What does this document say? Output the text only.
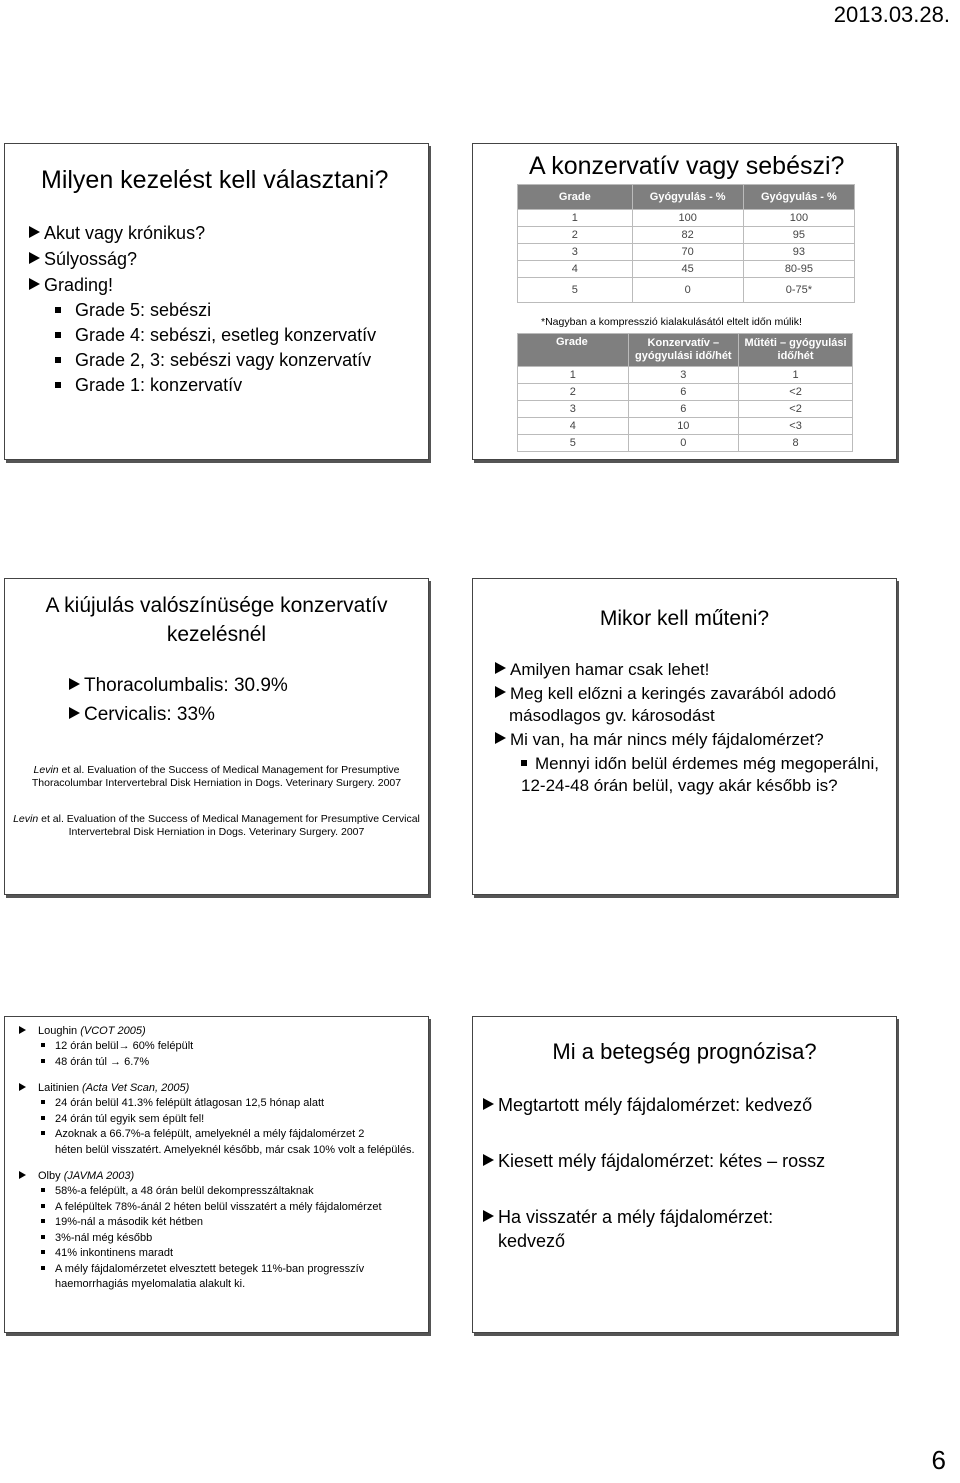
2013.03.28.
Milyen kezelést kell választani?
Akut vagy krónikus?
Súlyosság?
Grading!
Grade 5: sebészi
Grade 4: sebészi, esetleg konzervatív
Grade 2, 3: sebészi vagy konzervatív
Grade 1: konzervatív
A konzervatív vagy sebészi?
Grade	Gyógyulás - %	Gyógyulás - %
1	100	100
2	82	95
3	70	93
4	45	80-95
5	0	0-75*
*Nagyban a kompresszió kialakulásától eltelt időn múlik!
Grade	Konzervatív – gyógyulási idő/hét	Műtéti – gyógyulási idő/hét
1	3	1
2	6	<2
3	6	<2
4	10	<3
5	0	8
A kiújulás valószínüsége konzervatív kezelésnél
Thoracolumbalis: 30.9%
Cervicalis: 33%
Levin et al. Evaluation of the Success of Medical Management for Presumptive Thoracolumbar Intervertebral Disk Herniation in Dogs. Veterinary Surgery. 2007
Levin et al. Evaluation of the Success of Medical Management for Presumptive Cervical Intervertebral Disk Herniation in Dogs. Veterinary Surgery. 2007
Mikor kell műteni?
Amilyen hamar csak lehet!
Meg kell előzni a keringés zavarából adodó
másodlagos gv. károsodást
Mi van, ha már nincs mély fájdalomérzet?
Mennyi időn belül érdemes még megoperálni,
12-24-48 órán belül, vagy akár később is?
Loughin (VCOT 2005)
12 órán belül→ 60% felépült
48 órán túl → 6.7%
Laitinien (Acta Vet Scan, 2005)
24 órán belül 41.3% felépült átlagosan 12,5 hónap alatt
24 órán túl egyik sem épült fel!
Azoknak a 66.7%-a felépült, amelyeknél a mély fájdalomérzet 2
héten belül visszatért. Amelyeknél később, már csak 10% volt a felépülés.
Olby (JAVMA 2003)
58%-a felépült, a 48 órán belül dekompresszáltaknak
A felépültek 78%-ánál 2 héten belül visszatért a mély fájdalomérzet
19%-nál a második két hétben
3%-nál még később
41% inkontinens maradt
A mély fájdalomérzetet elvesztett betegek 11%-ban progresszív
haemorrhagiás myelomalatia alakult ki.
Mi a betegség prognózisa?
Megtartott mély fájdalomérzet: kedvező
Kiesett mély fájdalomérzet: kétes – rossz
Ha visszatér a mély fájdalomérzet:
kedvező
6
